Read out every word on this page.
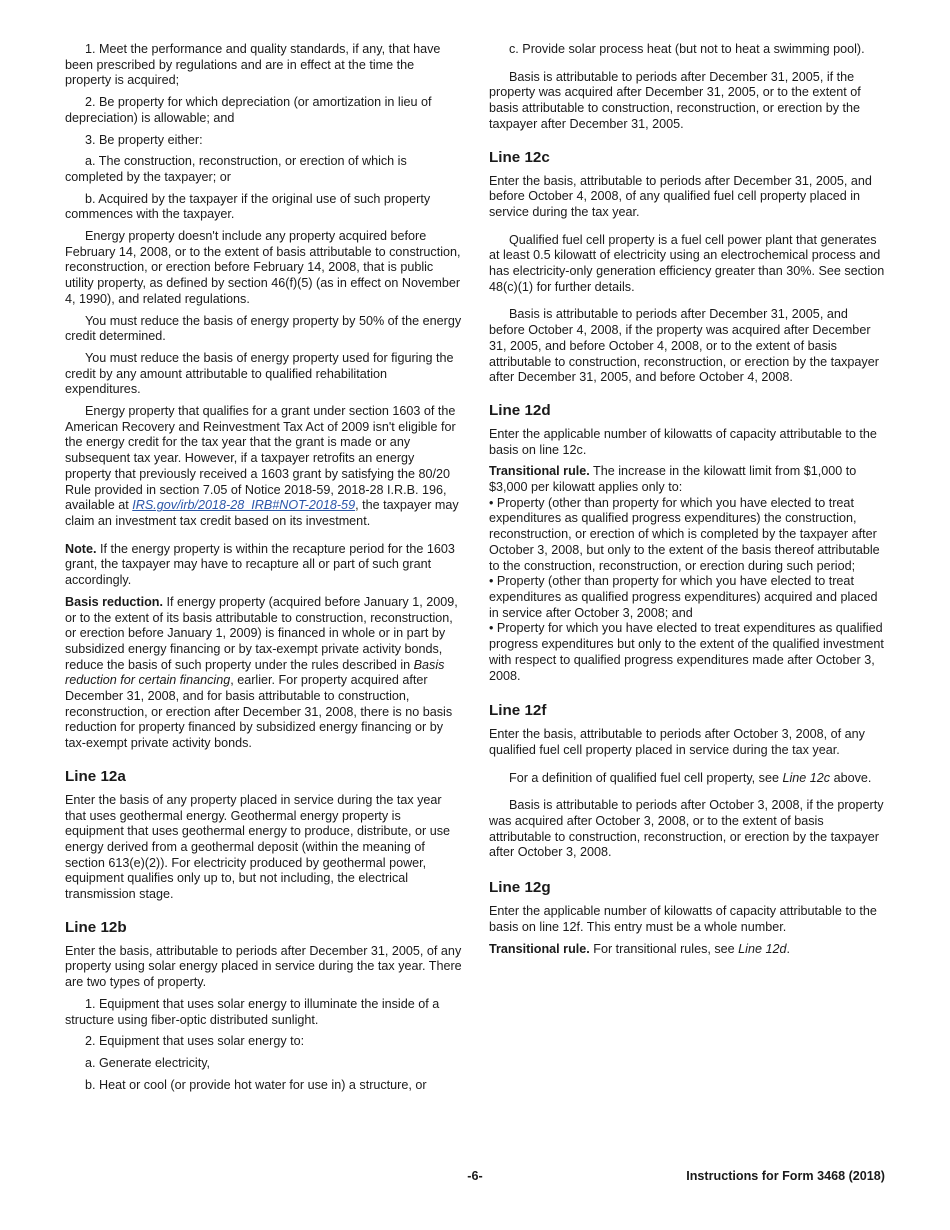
1. Meet the performance and quality standards, if any, that have been prescribed by regulations and are in effect at the time the property is acquired;

2. Be property for which depreciation (or amortization in lieu of depreciation) is allowable; and

3. Be property either:

a. The construction, reconstruction, or erection of which is completed by the taxpayer; or

b. Acquired by the taxpayer if the original use of such property commences with the taxpayer.

Energy property doesn't include any property acquired before February 14, 2008, or to the extent of basis attributable to construction, reconstruction, or erection before February 14, 2008, that is public utility property, as defined by section 46(f)(5) (as in effect on November 4, 1990), and related regulations.

You must reduce the basis of energy property by 50% of the energy credit determined.

You must reduce the basis of energy property used for figuring the credit by any amount attributable to qualified rehabilitation expenditures.

Energy property that qualifies for a grant under section 1603 of the American Recovery and Reinvestment Tax Act of 2009 isn't eligible for the energy credit for the tax year that the grant is made or any subsequent tax year. However, if a taxpayer retrofits an energy property that previously received a 1603 grant by satisfying the 80/20 Rule provided in section 7.05 of Notice 2018-59, 2018-28 I.R.B. 196, available at IRS.gov/irb/2018-28_IRB#NOT-2018-59, the taxpayer may claim an investment tax credit based on its investment.

Note. If the energy property is within the recapture period for the 1603 grant, the taxpayer may have to recapture all or part of such grant accordingly.

Basis reduction. If energy property (acquired before January 1, 2009, or to the extent of its basis attributable to construction, reconstruction, or erection before January 1, 2009) is financed in whole or in part by subsidized energy financing or by tax-exempt private activity bonds, reduce the basis of such property under the rules described in Basis reduction for certain financing, earlier. For property acquired after December 31, 2008, and for basis attributable to construction, reconstruction, or erection after December 31, 2008, there is no basis reduction for property financed by subsidized energy financing or by tax-exempt private activity bonds.

Line 12a

Enter the basis of any property placed in service during the tax year that uses geothermal energy. Geothermal energy property is equipment that uses geothermal energy to produce, distribute, or use energy derived from a geothermal deposit (within the meaning of section 613(e)(2)). For electricity produced by geothermal power, equipment qualifies only up to, but not including, the electrical transmission stage.

Line 12b

Enter the basis, attributable to periods after December 31, 2005, of any property using solar energy placed in service during the tax year. There are two types of property.

1. Equipment that uses solar energy to illuminate the inside of a structure using fiber-optic distributed sunlight.

2. Equipment that uses solar energy to:

a. Generate electricity,

b. Heat or cool (or provide hot water for use in) a structure, or

c. Provide solar process heat (but not to heat a swimming pool).

Basis is attributable to periods after December 31, 2005, if the property was acquired after December 31, 2005, or to the extent of basis attributable to construction, reconstruction, or erection by the taxpayer after December 31, 2005.

Line 12c

Enter the basis, attributable to periods after December 31, 2005, and before October 4, 2008, of any qualified fuel cell property placed in service during the tax year.

Qualified fuel cell property is a fuel cell power plant that generates at least 0.5 kilowatt of electricity using an electrochemical process and has electricity-only generation efficiency greater than 30%. See section 48(c)(1) for further details.

Basis is attributable to periods after December 31, 2005, and before October 4, 2008, if the property was acquired after December 31, 2005, and before October 4, 2008, or to the extent of basis attributable to construction, reconstruction, or erection by the taxpayer after December 31, 2005, and before October 4, 2008.

Line 12d

Enter the applicable number of kilowatts of capacity attributable to the basis on line 12c.

Transitional rule. The increase in the kilowatt limit from $1,000 to $3,000 per kilowatt applies only to:

• Property (other than property for which you have elected to treat expenditures as qualified progress expenditures) the construction, reconstruction, or erection of which is completed by the taxpayer after October 3, 2008, but only to the extent of the basis thereof attributable to the construction, reconstruction, or erection during such period;

• Property (other than property for which you have elected to treat expenditures as qualified progress expenditures) acquired and placed in service after October 3, 2008; and

• Property for which you have elected to treat expenditures as qualified progress expenditures but only to the extent of the qualified investment with respect to qualified progress expenditures made after October 3, 2008.

Line 12f

Enter the basis, attributable to periods after October 3, 2008, of any qualified fuel cell property placed in service during the tax year.

For a definition of qualified fuel cell property, see Line 12c above.

Basis is attributable to periods after October 3, 2008, if the property was acquired after October 3, 2008, or to the extent of basis attributable to construction, reconstruction, or erection by the taxpayer after October 3, 2008.

Line 12g

Enter the applicable number of kilowatts of capacity attributable to the basis on line 12f. This entry must be a whole number.

Transitional rule. For transitional rules, see Line 12d.

-6-	Instructions for Form 3468 (2018)
